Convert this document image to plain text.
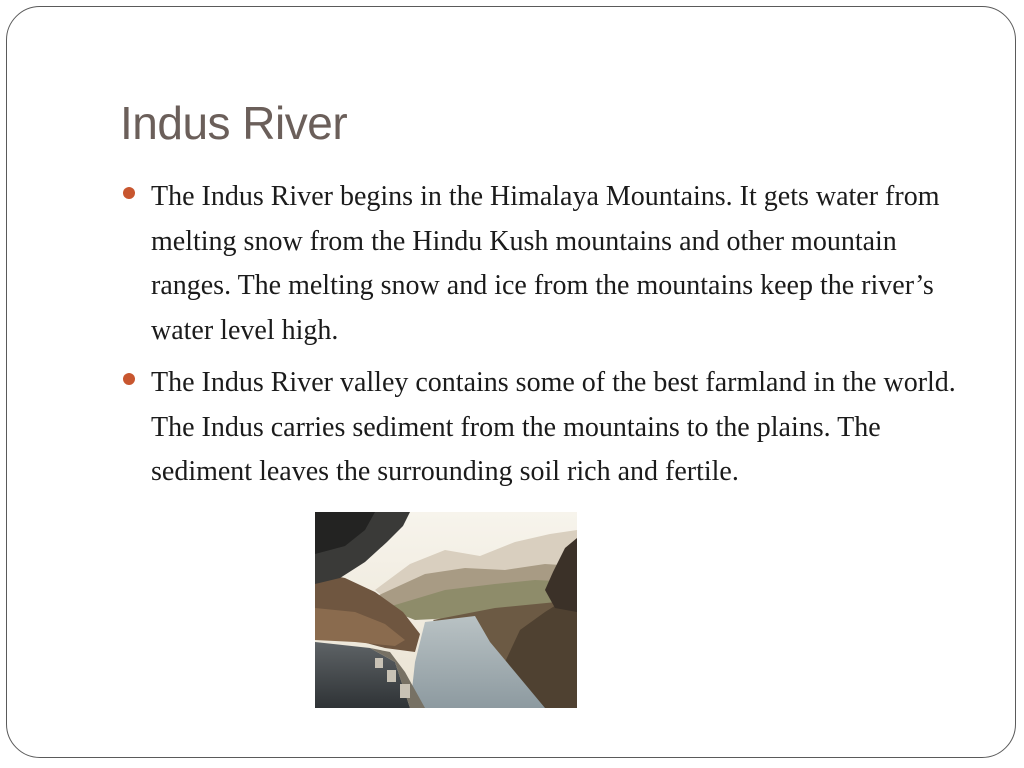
Indus River
The Indus River begins in the Himalaya Mountains. It gets water from melting snow from the Hindu Kush mountains and other mountain ranges. The melting snow and ice from the mountains keep the river’s water level high.
The Indus River valley contains some of the best farmland in the world. The Indus carries sediment from the mountains to the plains. The sediment leaves the surrounding soil rich and fertile.
